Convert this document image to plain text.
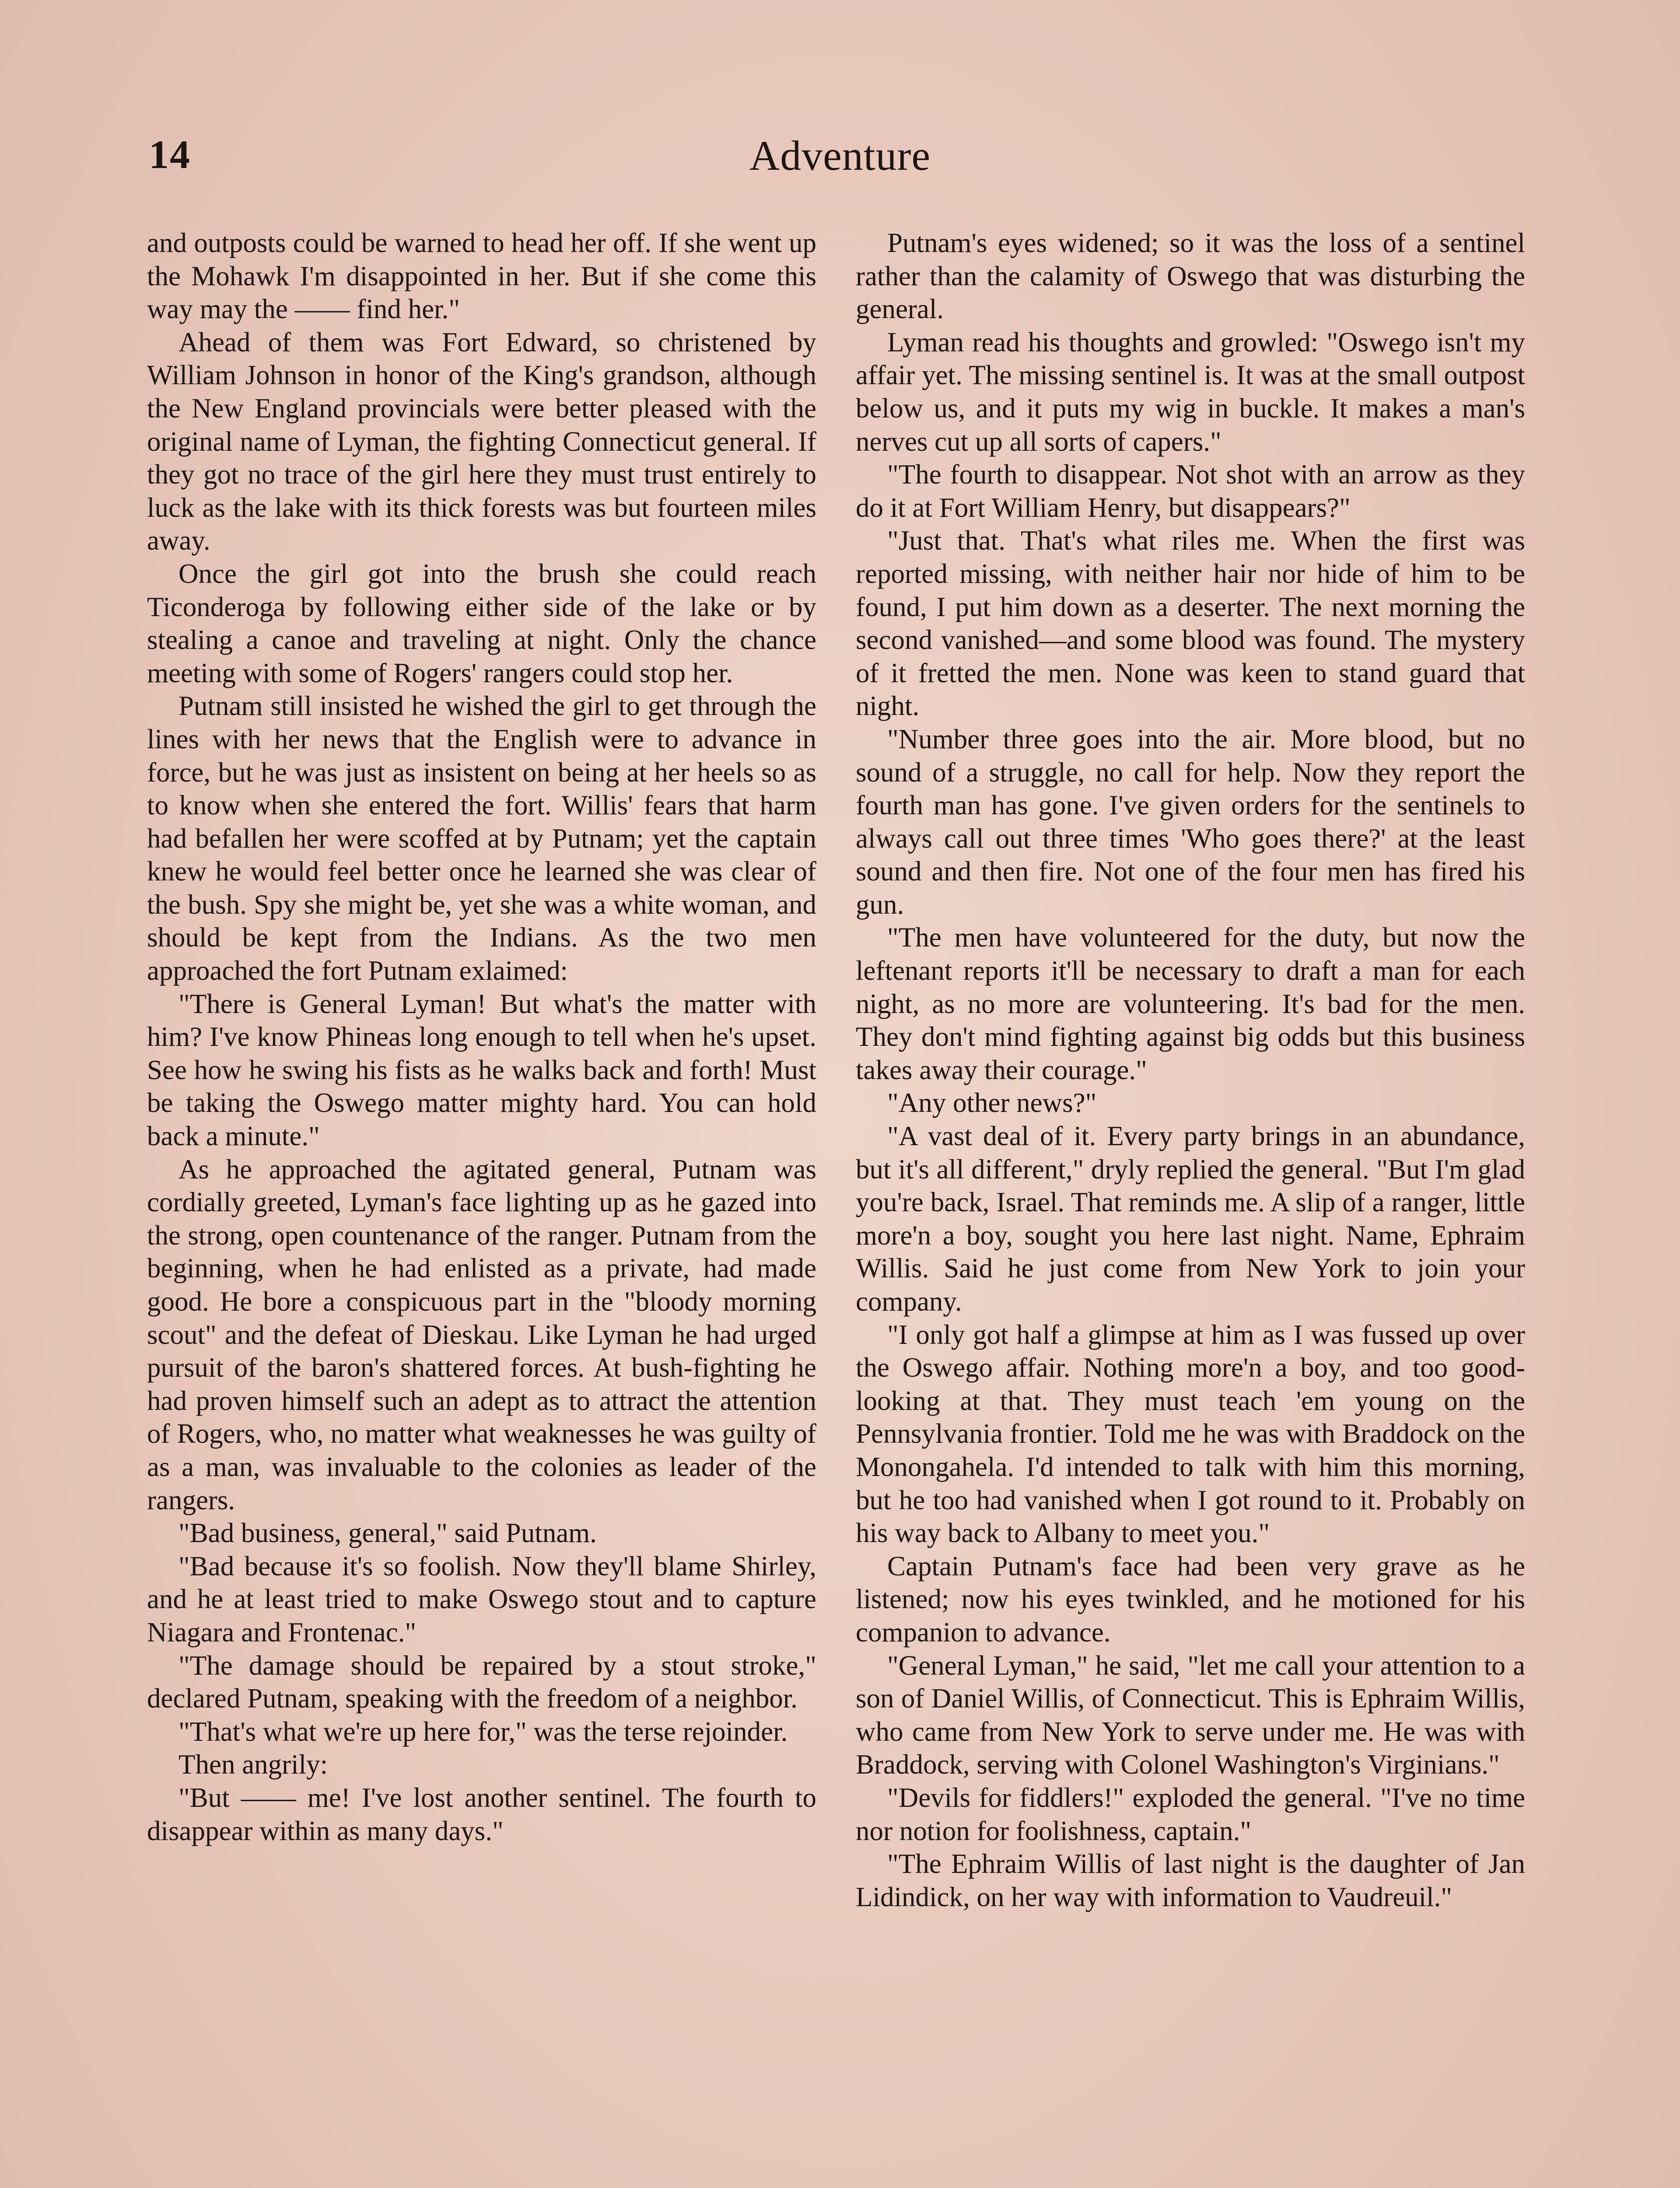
14	Adventure

and outposts could be warned to head her off. If she went up the Mohawk I'm disappointed in her. But if she come this way may the —— find her."

Ahead of them was Fort Edward, so christened by William Johnson in honor of the King's grandson, although the New England provincials were better pleased with the original name of Lyman, the fighting Connecticut general. If they got no trace of the girl here they must trust entirely to luck as the lake with its thick forests was but fourteen miles away.

Once the girl got into the brush she could reach Ticonderoga by following either side of the lake or by stealing a canoe and traveling at night. Only the chance meeting with some of Rogers' rangers could stop her.

Putnam still insisted he wished the girl to get through the lines with her news that the English were to advance in force, but he was just as insistent on being at her heels so as to know when she entered the fort. Willis' fears that harm had befallen her were scoffed at by Putnam; yet the captain knew he would feel better once he learned she was clear of the bush. Spy she might be, yet she was a white woman, and should be kept from the Indians. As the two men approached the fort Putnam exlaimed:

"There is General Lyman! But what's the matter with him? I've know Phineas long enough to tell when he's upset. See how he swing his fists as he walks back and forth! Must be taking the Oswego matter mighty hard. You can hold back a minute."

As he approached the agitated general, Putnam was cordially greeted, Lyman's face lighting up as he gazed into the strong, open countenance of the ranger. Putnam from the beginning, when he had enlisted as a private, had made good. He bore a conspicuous part in the "bloody morning scout" and the defeat of Dieskau. Like Lyman he had urged pursuit of the baron's shattered forces. At bush-fighting he had proven himself such an adept as to attract the attention of Rogers, who, no matter what weaknesses he was guilty of as a man, was invaluable to the colonies as leader of the rangers.

"Bad business, general," said Putnam.

"Bad because it's so foolish. Now they'll blame Shirley, and he at least tried to make Oswego stout and to capture Niagara and Frontenac."

"The damage should be repaired by a stout stroke," declared Putnam, speaking with the freedom of a neighbor.

"That's what we're up here for," was the terse rejoinder.

Then angrily:

"But —— me! I've lost another sentinel. The fourth to disappear within as many days."

Putnam's eyes widened; so it was the loss of a sentinel rather than the calamity of Oswego that was disturbing the general.

Lyman read his thoughts and growled: "Oswego isn't my affair yet. The missing sentinel is. It was at the small outpost below us, and it puts my wig in buckle. It makes a man's nerves cut up all sorts of capers."

"The fourth to disappear. Not shot with an arrow as they do it at Fort William Henry, but disappears?"

"Just that. That's what riles me. When the first was reported missing, with neither hair nor hide of him to be found, I put him down as a deserter. The next morning the second vanished—and some blood was found. The mystery of it fretted the men. None was keen to stand guard that night.

"Number three goes into the air. More blood, but no sound of a struggle, no call for help. Now they report the fourth man has gone. I've given orders for the sentinels to always call out three times 'Who goes there?' at the least sound and then fire. Not one of the four men has fired his gun.

"The men have volunteered for the duty, but now the leftenant reports it'll be necessary to draft a man for each night, as no more are volunteering. It's bad for the men. They don't mind fighting against big odds but this business takes away their courage."

"Any other news?"

"A vast deal of it. Every party brings in an abundance, but it's all different," dryly replied the general. "But I'm glad you're back, Israel. That reminds me. A slip of a ranger, little more'n a boy, sought you here last night. Name, Ephraim Willis. Said he just come from New York to join your company.

"I only got half a glimpse at him as I was fussed up over the Oswego affair. Nothing more'n a boy, and too good-looking at that. They must teach 'em young on the Pennsylvania frontier. Told me he was with Braddock on the Monongahela. I'd intended to talk with him this morning, but he too had vanished when I got round to it. Probably on his way back to Albany to meet you."

Captain Putnam's face had been very grave as he listened; now his eyes twinkled, and he motioned for his companion to advance.

"General Lyman," he said, "let me call your attention to a son of Daniel Willis, of Connecticut. This is Ephraim Willis, who came from New York to serve under me. He was with Braddock, serving with Colonel Washington's Virginians."

"Devils for fiddlers!" exploded the general. "I've no time nor notion for foolishness, captain."

"The Ephraim Willis of last night is the daughter of Jan Lidindick, on her way with information to Vaudreuil."
